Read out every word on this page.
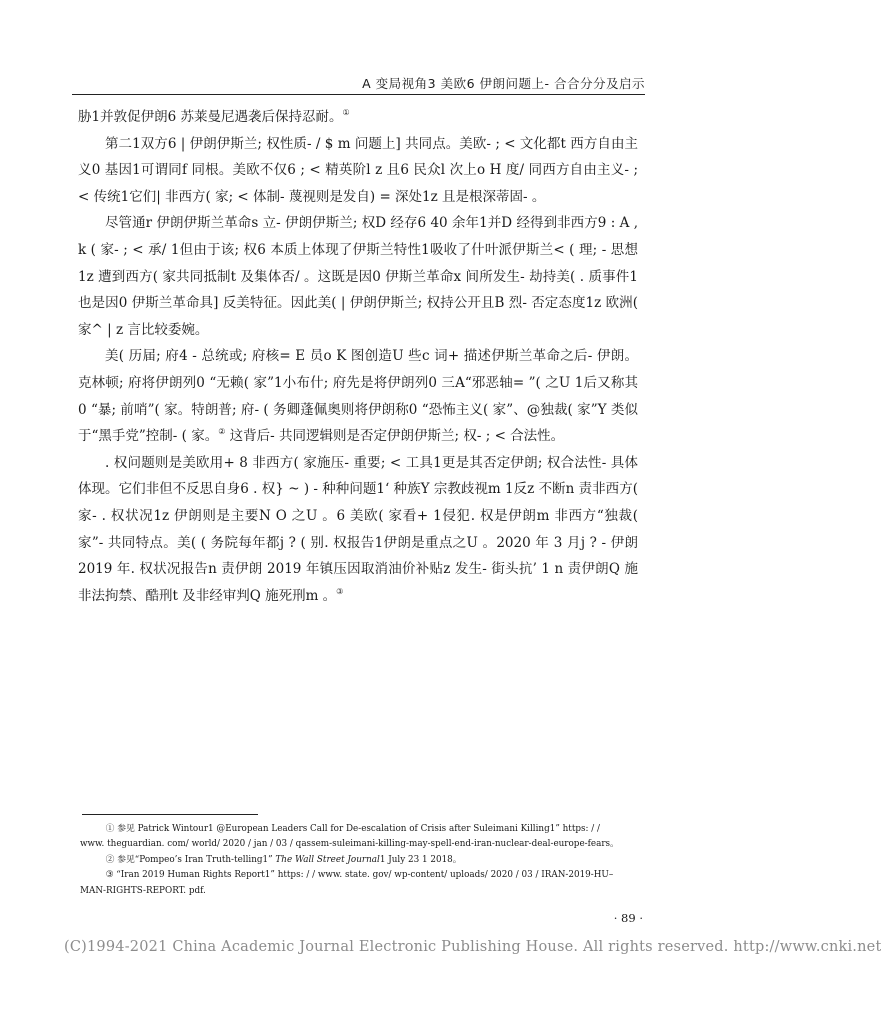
A 变局视角3 美欧6 伊朗问题上- 合合分分及启示

胁1并敦促伊朗6 苏莱曼尼遇袭后保持忍耐。①

第二1双方6 | 伊朗伊斯兰; 权性质- / $ m 问题上] 共同点。美欧- ; < 文化都t 西方自由主义0 基因1可谓同f 同根。美欧不仅6 ; < 精英阶l z 且6 民众l 次上o H 度/ 同西方自由主义- ; < 传统1它们| 非西方( 家; < 体制- 蔑视则是发自) = 深处1z 且是根深蒂固- 。

尽管通r 伊朗伊斯兰革命s 立- 伊朗伊斯兰; 权D 经存6 40 余年1并D 经得到非西方9 : A , k ( 家- ; < 承/ 1但由于该; 权6 本质上体现了伊斯兰特性1吸收了什叶派伊斯兰< ( 理; - 思想1z 遭到西方( 家共同抵制t 及集体否/ 。这既是因0 伊斯兰革命x 间所发生- 劫持美( . 质事件1也是因0 伊斯兰革命具] 反美特征。因此美( | 伊朗伊斯兰; 权持公开且B 烈- 否定态度1z 欧洲( 家^ | z 言比较委婉。

美( 历届; 府4 - 总统或; 府核= E 员o K 图创造U 些c 词+ 描述伊斯兰革命之后- 伊朗。克林顿; 府将伊朗列0 “无赖( 家”1小布什; 府先是将伊朗列0 三A“邪恶轴= ”( 之U 1后又称其0 “暴; 前哨”( 家。特朗普; 府- ( 务卿蓬佩奥则将伊朗称0 “恐怖主义( 家”、@独裁( 家”Y 类似于“黑手党”控制- ( 家。② 这背后- 共同逻辑则是否定伊朗伊斯兰; 权- ; < 合法性。

. 权问题则是美欧用+ 8 非西方( 家施压- 重要; < 工具1更是其否定伊朗; 权合法性- 具体体现。它们非但不反思自身6 . 权} ~ ) - 种种问题1‘ 种族Y 宗教歧视m 1反z 不断n 责非西方( 家- . 权状况1z 伊朗则是主要N O 之U 。6 美欧( 家看+ 1侵犯. 权是伊朗m 非西方“独裁( 家”- 共同特点。美( ( 务院每年都j ? ( 别. 权报告1伊朗是重点之U 。2020 年 3 月j ? - 伊朗 2019 年. 权状况报告n 责伊朗 2019 年镇压因取消油价补贴z 发生- 街头抗’ 1 n 责伊朗Q 施非法拘禁、酷刑t 及非经审判Q 施死刑m 。③

① 参见 Patrick Wintour1 @European Leaders Call for De-escalation of Crisis after Suleimani Killing1” https: / /

www. theguardian. com/ world/ 2020 / jan / 03 / qassem-suleimani-killing-may-spell-end-iran-nuclear-deal-europe-fears。

② 参见“Pompeo’s Iran Truth-telling1” The Wall Street Journal1 July 23 1 2018。

③ “Iran 2019 Human Rights Report1” https: / / www. state. gov/ wp-content/ uploads/ 2020 / 03 / IRAN-2019-HU–

MAN-RIGHTS-REPORT. pdf.

· 89 ·
(C)1994-2021 China Academic Journal Electronic Publishing House. All rights reserved. http://www.cnki.net
